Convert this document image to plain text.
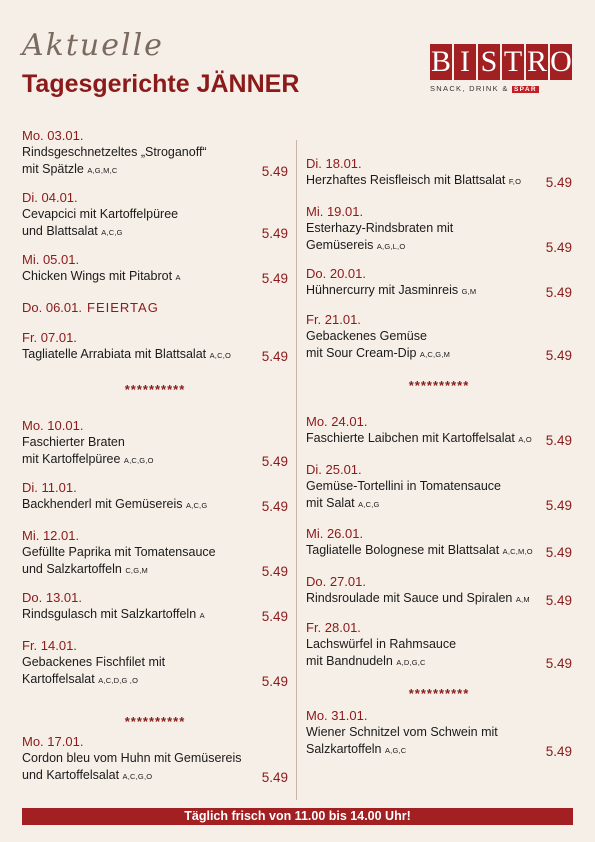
Aktuelle
Tagesgerichte JÄNNER
B I S T R O
SNACK, DRINK & SPAR
Mo. 03.01.
Rindsgeschnetzeltes „Stroganoff“
mit Spätzle A,G,M,C	5.49
Di. 04.01.
Cevapcici mit Kartoffelpüree
und Blattsalat A,C,G	5.49
Mi. 05.01.
Chicken Wings mit Pitabrot A	5.49
Do. 06.01. FEIERTAG
Fr. 07.01.
Tagliatelle Arrabiata mit Blattsalat A,C,O	5.49
Mo. 10.01.
Faschierter Braten
mit Kartoffelpüree A,C,G,O	5.49
Di. 11.01.
Backhenderl mit Gemüsereis A,C,G	5.49
Mi. 12.01.
Gefüllte Paprika mit Tomatensauce
und Salzkartoffeln C,G,M	5.49
Do. 13.01.
Rindsgulasch mit Salzkartoffeln A	5.49
Fr. 14.01.
Gebackenes Fischfilet mit
Kartoffelsalat A,C,D,G ,O	5.49
Mo. 17.01.
Cordon bleu vom Huhn mit Gemüsereis
und Kartoffelsalat A,C,G,O	5.49
**********
**********
Di. 18.01.
Herzhaftes Reisfleisch mit Blattsalat F,O	5.49
Mi. 19.01.
Esterhazy-Rindsbraten mit
Gemüsereis A,G,L,O	5.49
Do. 20.01.
Hühnercurry mit Jasminreis G,M	5.49
Fr. 21.01.
Gebackenes Gemüse
mit Sour Cream-Dip A,C,G,M	5.49
Mo. 24.01.
Faschierte Laibchen mit Kartoffelsalat A,O	5.49
Di. 25.01.
Gemüse-Tortellini in Tomatensauce
mit Salat A,C,G	5.49
Mi. 26.01.
Tagliatelle Bolognese mit Blattsalat A,C,M,O 5.49
Do. 27.01.
Rindsroulade mit Sauce und Spiralen A,M	5.49
Fr. 28.01.
Lachswürfel in Rahmsauce
mit Bandnudeln A,D,G,C	5.49
Mo. 31.01.
Wiener Schnitzel vom Schwein mit
Salzkartoffeln A,G,C	5.49
**********
**********
Täglich frisch von 11.00 bis 14.00 Uhr!
